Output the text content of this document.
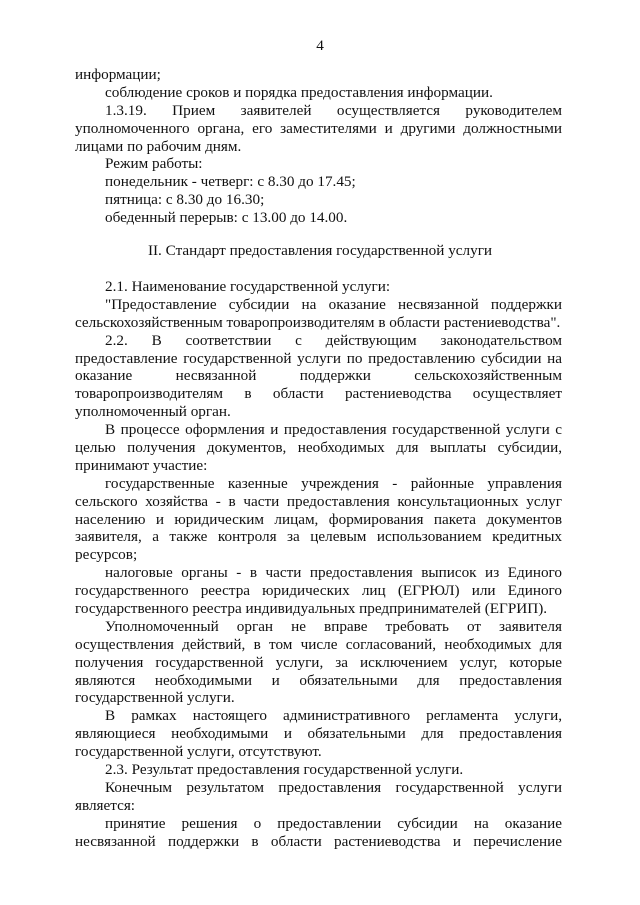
4
информации;
соблюдение сроков и порядка предоставления информации.
1.3.19. Прием заявителей осуществляется руководителем
уполномоченного органа, его заместителями и другими должностными
лицами по рабочим дням.
Режим работы:
понедельник - четверг: с 8.30 до 17.45;
пятница: с 8.30 до 16.30;
обеденный перерыв: с 13.00 до 14.00.
II. Стандарт предоставления государственной услуги
2.1. Наименование государственной услуги:
"Предоставление субсидии на оказание несвязанной поддержки
сельскохозяйственным товаропроизводителям в области растениеводства".
2.2. В соответствии с действующим законодательством
предоставление государственной услуги по предоставлению субсидии на
оказание несвязанной поддержки сельскохозяйственным
товаропроизводителям в области растениеводства осуществляет
уполномоченный орган.
В процессе оформления и предоставления государственной услуги с
целью получения документов, необходимых для выплаты субсидии,
принимают участие:
государственные казенные учреждения - районные управления
сельского хозяйства - в части предоставления консультационных услуг
населению и юридическим лицам, формирования пакета документов
заявителя, а также контроля за целевым использованием кредитных
ресурсов;
налоговые органы - в части предоставления выписок из Единого
государственного реестра юридических лиц (ЕГРЮЛ) или Единого
государственного реестра индивидуальных предпринимателей (ЕГРИП).
Уполномоченный орган не вправе требовать от заявителя
осуществления действий, в том числе согласований, необходимых для
получения государственной услуги, за исключением услуг, которые
являются необходимыми и обязательными для предоставления
государственной услуги.
В рамках настоящего административного регламента услуги,
являющиеся необходимыми и обязательными для предоставления
государственной услуги, отсутствуют.
2.3. Результат предоставления государственной услуги.
Конечным результатом предоставления государственной услуги
является:
принятие решения о предоставлении субсидии на оказание
несвязанной поддержки в области растениеводства и перечисление
